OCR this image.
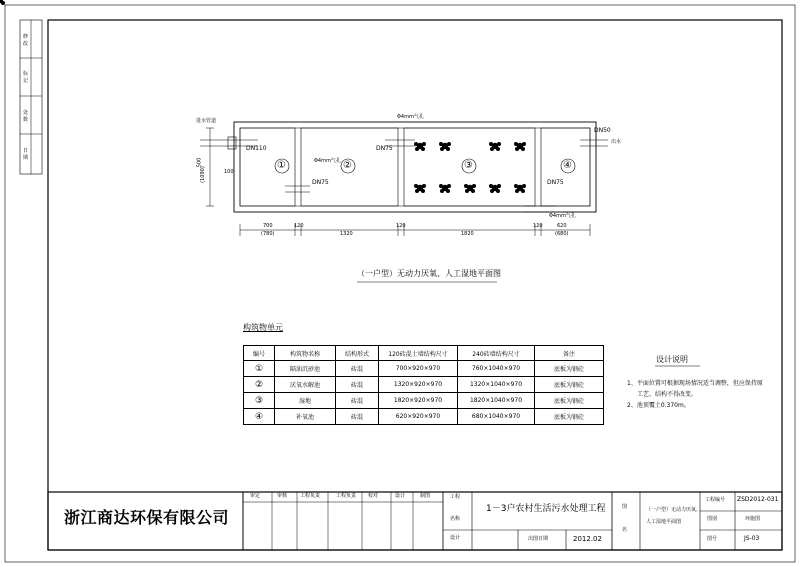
修
改
标
记
处
数
日
期
进水管道
DN110
Φ4mm气孔
DN75
Φ4mm气孔
DN75
DN50
出水
DN75
Φ4mm气孔
500
(1090)	100
①	②	③	④
700
(780)
120
1320
120
1820
120	620
(680)
（一户型）无动力厌氧、人工湿地平面图
构筑物单元
编号	构筑物名称	结构形式	120砖混土墙结构尺寸	240砖墙结构尺寸	备注
①	隔油沉砂池	砖混	700×920×970	760×1040×970	底板为钢砼
②	厌氧水解池	砖混	1320×920×970	1320×1040×970	底板为钢砼
③	湿地	砖混	1820×920×970	1820×1040×970	底板为钢砼
④	补氧池	砖混	620×920×970	680×1040×970	底板为钢砼
设计说明
1、平面位置可根据现场情况适当调整，但应保持原
工艺、结构不得改变。
2、池顶覆土0.370m。
浙江商达环保有限公司
审定	审核	工程负责	工程负责 校对	设计	制图	工程
名称
设计
1－3户农村生活污水处理工程
出图日期	2012.02
图
名
（一户型）无动力厌氧、
人工湿地平面图
工程编号 ZSD2012-031
图别	环施图
图号	JS-03
